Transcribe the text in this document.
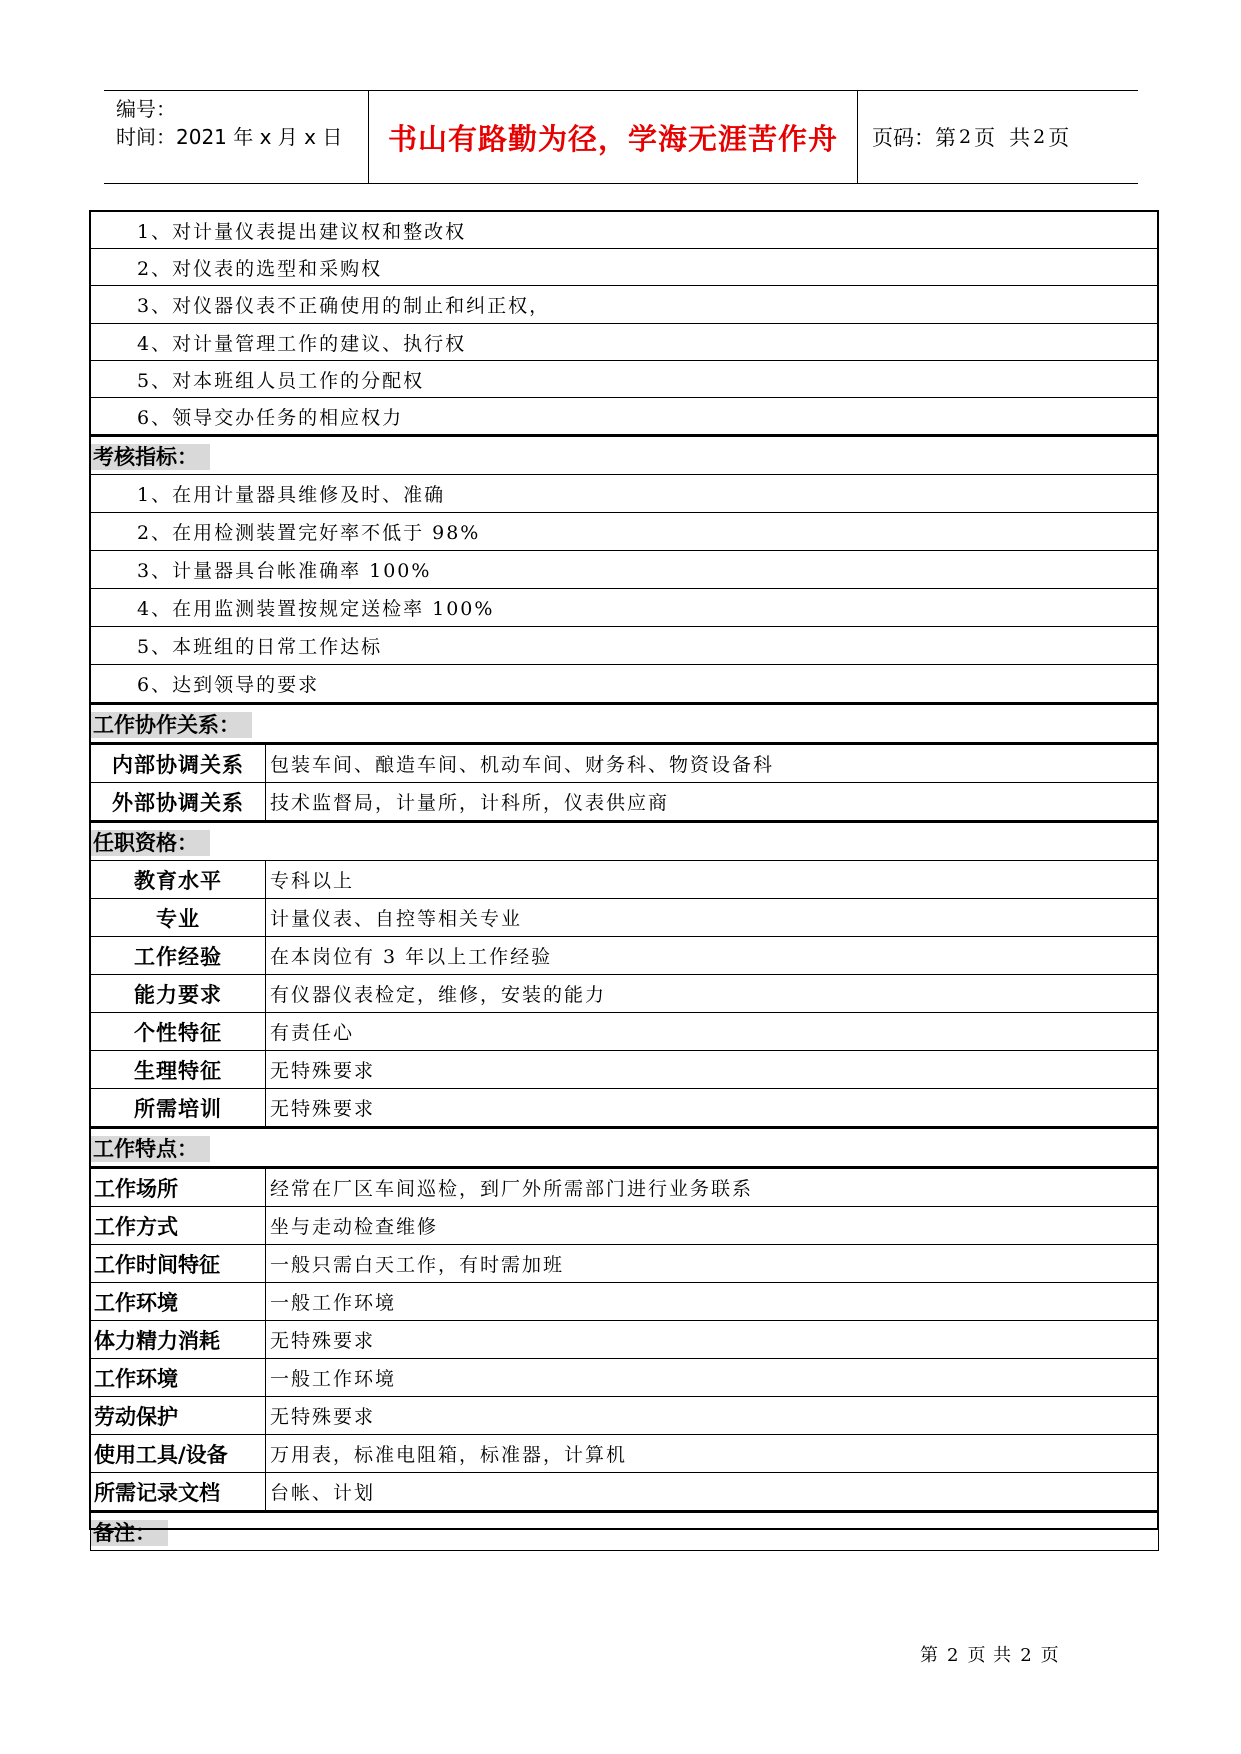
编号：
时间：2021 年 x 月 x 日	书山有路勤为径，学海无涯苦作舟	页码：第 2 页 共 2 页
1、对计量仪表提出建议权和整改权	
2、对仪表的选型和采购权	
3、对仪器仪表不正确使用的制止和纠正权，	
4、对计量管理工作的建议、执行权	
5、对本班组人员工作的分配权	
6、领导交办任务的相应权力	
考核指标：	
1、在用计量器具维修及时、准确	
2、在用检测装置完好率不低于 98%	
3、计量器具台帐准确率 100%	
4、在用监测装置按规定送检率 100%	
5、本班组的日常工作达标	
6、达到领导的要求	
工作协作关系：	
内部协调关系	包装车间、酿造车间、机动车间、财务科、物资设备科
外部协调关系	技术监督局，计量所，计科所，仪表供应商
任职资格：	
教育水平	专科以上
专业	计量仪表、自控等相关专业
工作经验	在本岗位有 3 年以上工作经验
能力要求	有仪器仪表检定，维修，安装的能力
个性特征	有责任心
生理特征	无特殊要求
所需培训	无特殊要求
工作特点：	
工作场所	经常在厂区车间巡检，到厂外所需部门进行业务联系
工作方式	坐与走动检查维修
工作时间特征	一般只需白天工作，有时需加班
工作环境	一般工作环境
体力精力消耗	无特殊要求
工作环境	一般工作环境
劳动保护	无特殊要求
使用工具/设备	万用表，标准电阻箱，标准器，计算机
所需记录文档	台帐、计划
备注：	
第 2 页 共 2 页
